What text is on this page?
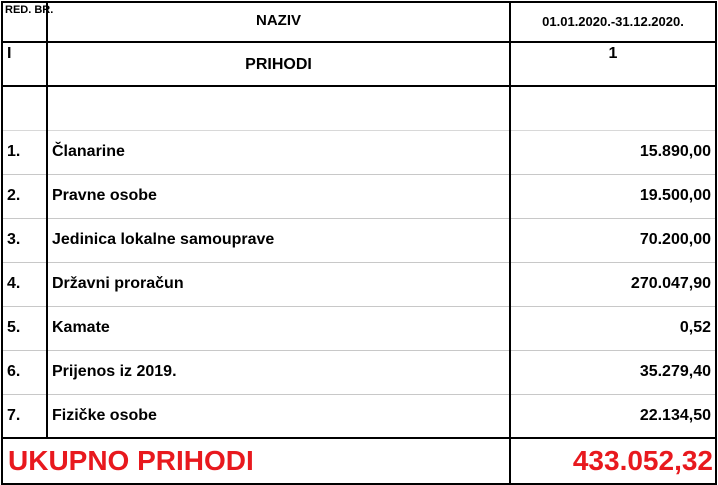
RED. BR.	NAZIV	01.01.2020.-31.12.2020.
I	PRIHODI	1

1.	Članarine	15.890,00
2.	Pravne osobe	19.500,00
3.	Jedinica lokalne samouprave	70.200,00
4.	Državni proračun	270.047,90
5.	Kamate	0,52
6.	Prijenos iz 2019.	35.279,40
7.	Fizičke osobe	22.134,50
UKUPNO PRIHODI		433.052,32
